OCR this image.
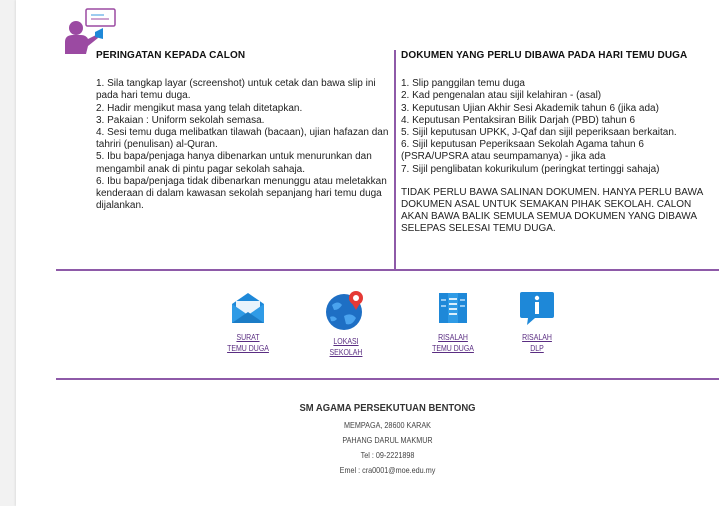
PERINGATAN KEPADA CALON

1. Sila tangkap layar (screenshot) untuk cetak dan bawa slip ini pada hari temu duga.

2. Hadir mengikut masa yang telah ditetapkan.

3. Pakaian : Uniform sekolah semasa.

4. Sesi temu duga melibatkan tilawah (bacaan), ujian hafazan dan tahriri (penulisan) al-Quran.

5. Ibu bapa/penjaga hanya dibenarkan untuk menurunkan dan mengambil anak di pintu pagar sekolah sahaja.

6. Ibu bapa/penjaga tidak dibenarkan menunggu atau meletakkan kenderaan di dalam kawasan sekolah sepanjang hari temu duga dijalankan.

DOKUMEN YANG PERLU DIBAWA PADA HARI TEMU DUGA

1. Slip panggilan temu duga

2. Kad pengenalan atau sijil kelahiran - (asal)

3. Keputusan Ujian Akhir Sesi Akademik tahun 6 (jika ada)

4. Keputusan Pentaksiran Bilik Darjah (PBD) tahun 6

5. Sijil keputusan UPKK, J-Qaf dan sijil peperiksaan berkaitan.

6. Sijil keputusan Peperiksaan Sekolah Agama tahun 6 (PSRA/UPSRA atau seumpamanya) - jika ada

7. Sijil penglibatan kokurikulum (peringkat tertinggi sahaja)

TIDAK PERLU BAWA SALINAN DOKUMEN. HANYA PERLU BAWA DOKUMEN ASAL UNTUK SEMAKAN PIHAK SEKOLAH. CALON AKAN BAWA BALIK SEMULA SEMUA DOKUMEN YANG DIBAWA SELEPAS SELESAI TEMU DUGA.

SURAT
TEMU DUGA
LOKASI
SEKOLAH
RISALAH
TEMU DUGA
RISALAH
DLP
SM AGAMA PERSEKUTUAN BENTONG
MEMPAGA, 28600 KARAK
PAHANG DARUL MAKMUR
Tel : 09-2221898
Emel : cra0001@moe.edu.my
